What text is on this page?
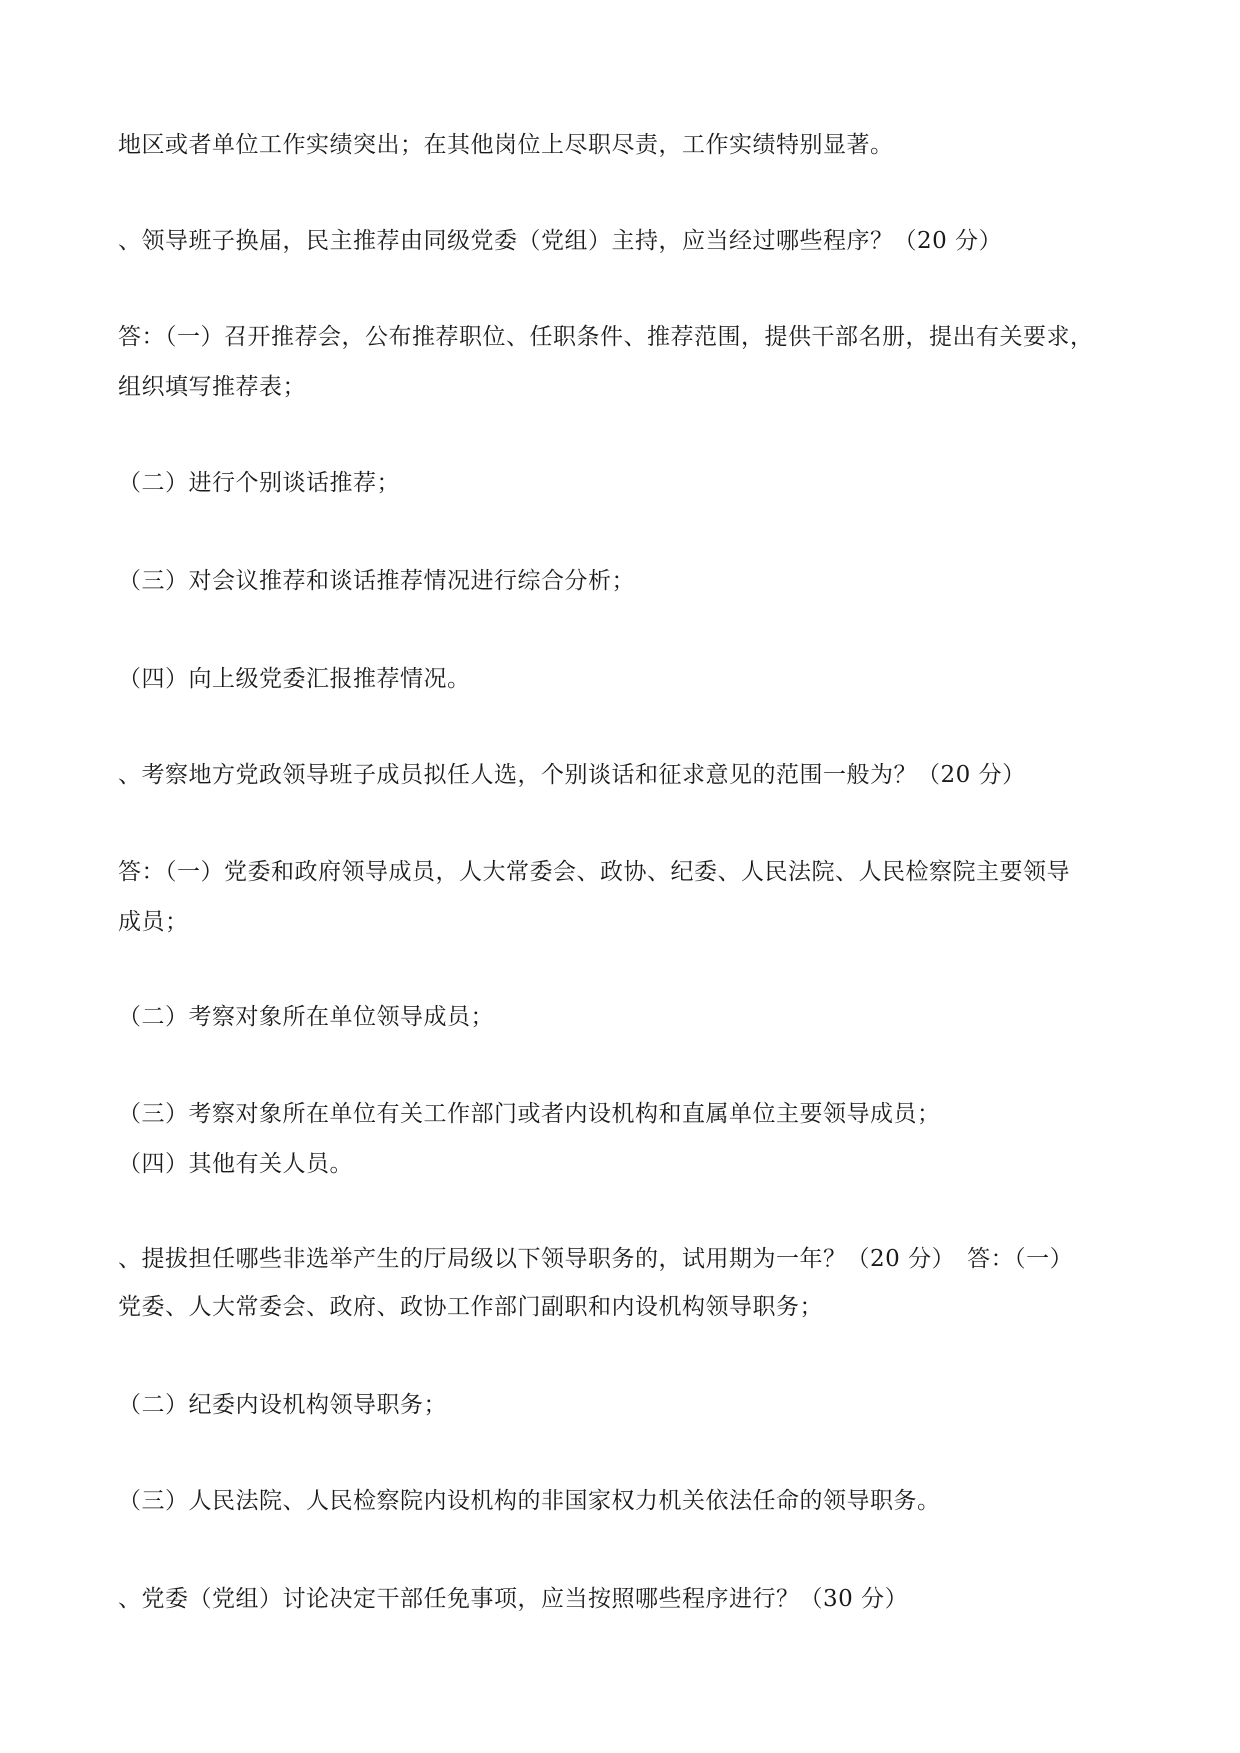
地区或者单位工作实绩突出；在其他岗位上尽职尽责，工作实绩特别显著。
、领导班子换届，民主推荐由同级党委（党组）主持，应当经过哪些程序？（20 分）
答：（一）召开推荐会，公布推荐职位、任职条件、推荐范围，提供干部名册，提出有关要求，
组织填写推荐表；
（二）进行个别谈话推荐；
（三）对会议推荐和谈话推荐情况进行综合分析；
（四）向上级党委汇报推荐情况。
、考察地方党政领导班子成员拟任人选，个别谈话和征求意见的范围一般为？（20 分）
答：（一）党委和政府领导成员，人大常委会、政协、纪委、人民法院、人民检察院主要领导
成员；
（二）考察对象所在单位领导成员；
（三）考察对象所在单位有关工作部门或者内设机构和直属单位主要领导成员；
（四）其他有关人员。
、提拔担任哪些非选举产生的厅局级以下领导职务的，试用期为一年？（20 分）　答：（一）
党委、人大常委会、政府、政协工作部门副职和内设机构领导职务；
（二）纪委内设机构领导职务；
（三）人民法院、人民检察院内设机构的非国家权力机关依法任命的领导职务。
、党委（党组）讨论决定干部任免事项，应当按照哪些程序进行？（30 分）
